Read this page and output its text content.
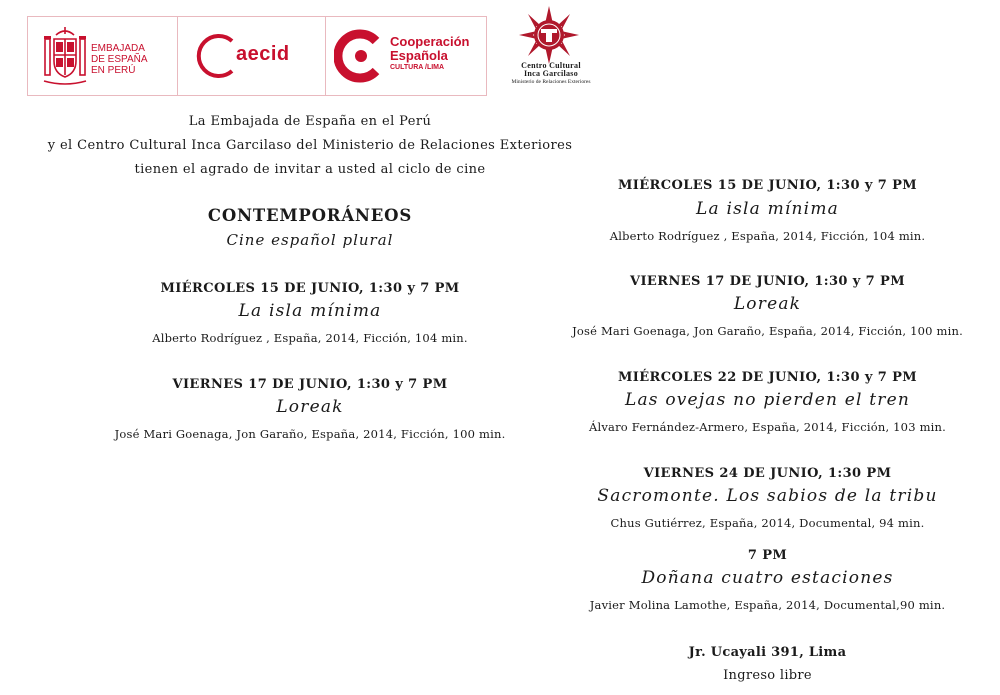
EMBAJADA
DE ESPAÑA
EN PERÚ
aecid
Cooperación
Española
CULTURA /LIMA	Centro Cultural
Inca Garcilaso
Ministerio de Relaciones Exteriores
La Embajada de España en el Perú
y el Centro Cultural Inca Garcilaso del Ministerio de Relaciones Exteriores
tienen el agrado de invitar a usted al ciclo de cine
CONTEMPORÁNEOS
Cine español plural
MIÉRCOLES 15 DE JUNIO, 1:30 y 7 PM
La isla mínima
Alberto Rodríguez , España, 2014, Ficción, 104 min.
VIERNES 17 DE JUNIO, 1:30 y 7 PM
Loreak
José Mari Goenaga, Jon Garaño, España, 2014, Ficción, 100 min.
MIÉRCOLES 15 DE JUNIO, 1:30 y 7 PM
La isla mínima
Alberto Rodríguez , España, 2014, Ficción, 104 min.
VIERNES 17 DE JUNIO, 1:30 y 7 PM
Loreak
José Mari Goenaga, Jon Garaño, España, 2014, Ficción, 100 min.
MIÉRCOLES 22 DE JUNIO, 1:30 y 7 PM
Las ovejas no pierden el tren
Álvaro Fernández-Armero, España, 2014, Ficción, 103 min.
VIERNES 24 DE JUNIO, 1:30 PM
Sacromonte. Los sabios de la tribu
Chus Gutiérrez, España, 2014, Documental, 94 min.
7 PM
Doñana cuatro estaciones
Javier Molina Lamothe, España, 2014, Documental,90 min.
Jr. Ucayali 391, Lima
Ingreso libre
